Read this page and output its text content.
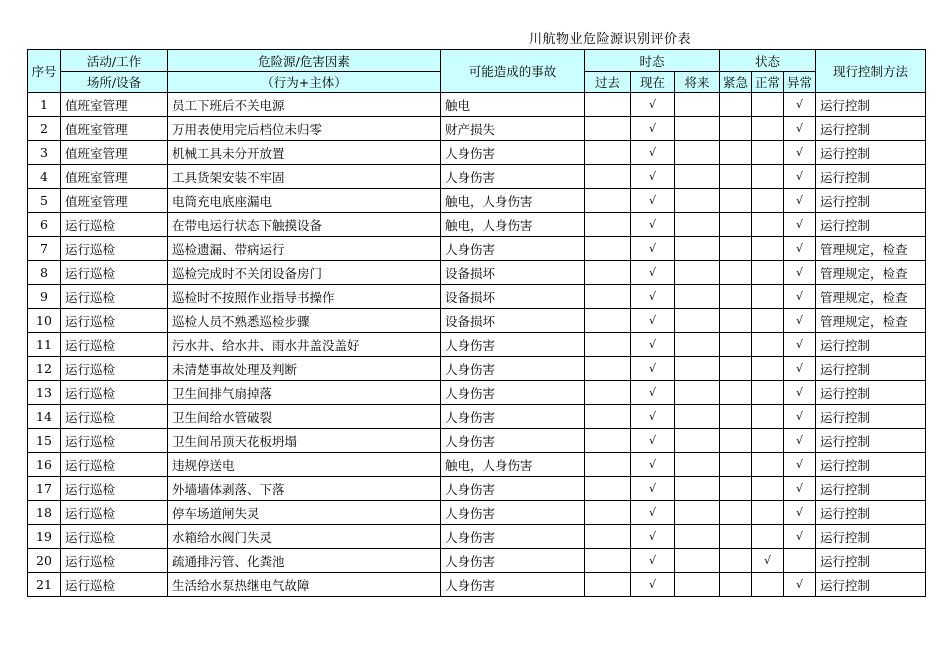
川航物业危险源识别评价表
序号	活动/工作	危险源/危害因素	可能造成的事故	时态			状态			现行控制方法
	场所/设备	（行为+主体）		过去	现在	将来	紧急	正常	异常	
1	值班室管理	员工下班后不关电源	触电		√				√	运行控制
2	值班室管理	万用表使用完后档位未归零	财产损失		√				√	运行控制
3	值班室管理	机械工具未分开放置	人身伤害		√				√	运行控制
4	值班室管理	工具货架安装不牢固	人身伤害		√				√	运行控制
5	值班室管理	电筒充电底座漏电	触电，人身伤害		√				√	运行控制
6	运行巡检	在带电运行状态下触摸设备	触电，人身伤害		√				√	运行控制
7	运行巡检	巡检遗漏、带病运行	人身伤害		√				√	管理规定，检查
8	运行巡检	巡检完成时不关闭设备房门	设备损坏		√				√	管理规定，检查
9	运行巡检	巡检时不按照作业指导书操作	设备损坏		√				√	管理规定，检查
10	运行巡检	巡检人员不熟悉巡检步骤	设备损坏		√				√	管理规定，检查
11	运行巡检	污水井、给水井、雨水井盖没盖好	人身伤害		√				√	运行控制
12	运行巡检	未清楚事故处理及判断	人身伤害		√				√	运行控制
13	运行巡检	卫生间排气扇掉落	人身伤害		√				√	运行控制
14	运行巡检	卫生间给水管破裂	人身伤害		√				√	运行控制
15	运行巡检	卫生间吊顶天花板坍塌	人身伤害		√				√	运行控制
16	运行巡检	违规停送电	触电，人身伤害		√				√	运行控制
17	运行巡检	外墙墙体剥落、下落	人身伤害		√				√	运行控制
18	运行巡检	停车场道闸失灵	人身伤害		√				√	运行控制
19	运行巡检	水箱给水阀门失灵	人身伤害		√				√	运行控制
20	运行巡检	疏通排污管、化粪池	人身伤害		√			√		运行控制
21	运行巡检	生活给水泵热继电气故障	人身伤害		√				√	运行控制
